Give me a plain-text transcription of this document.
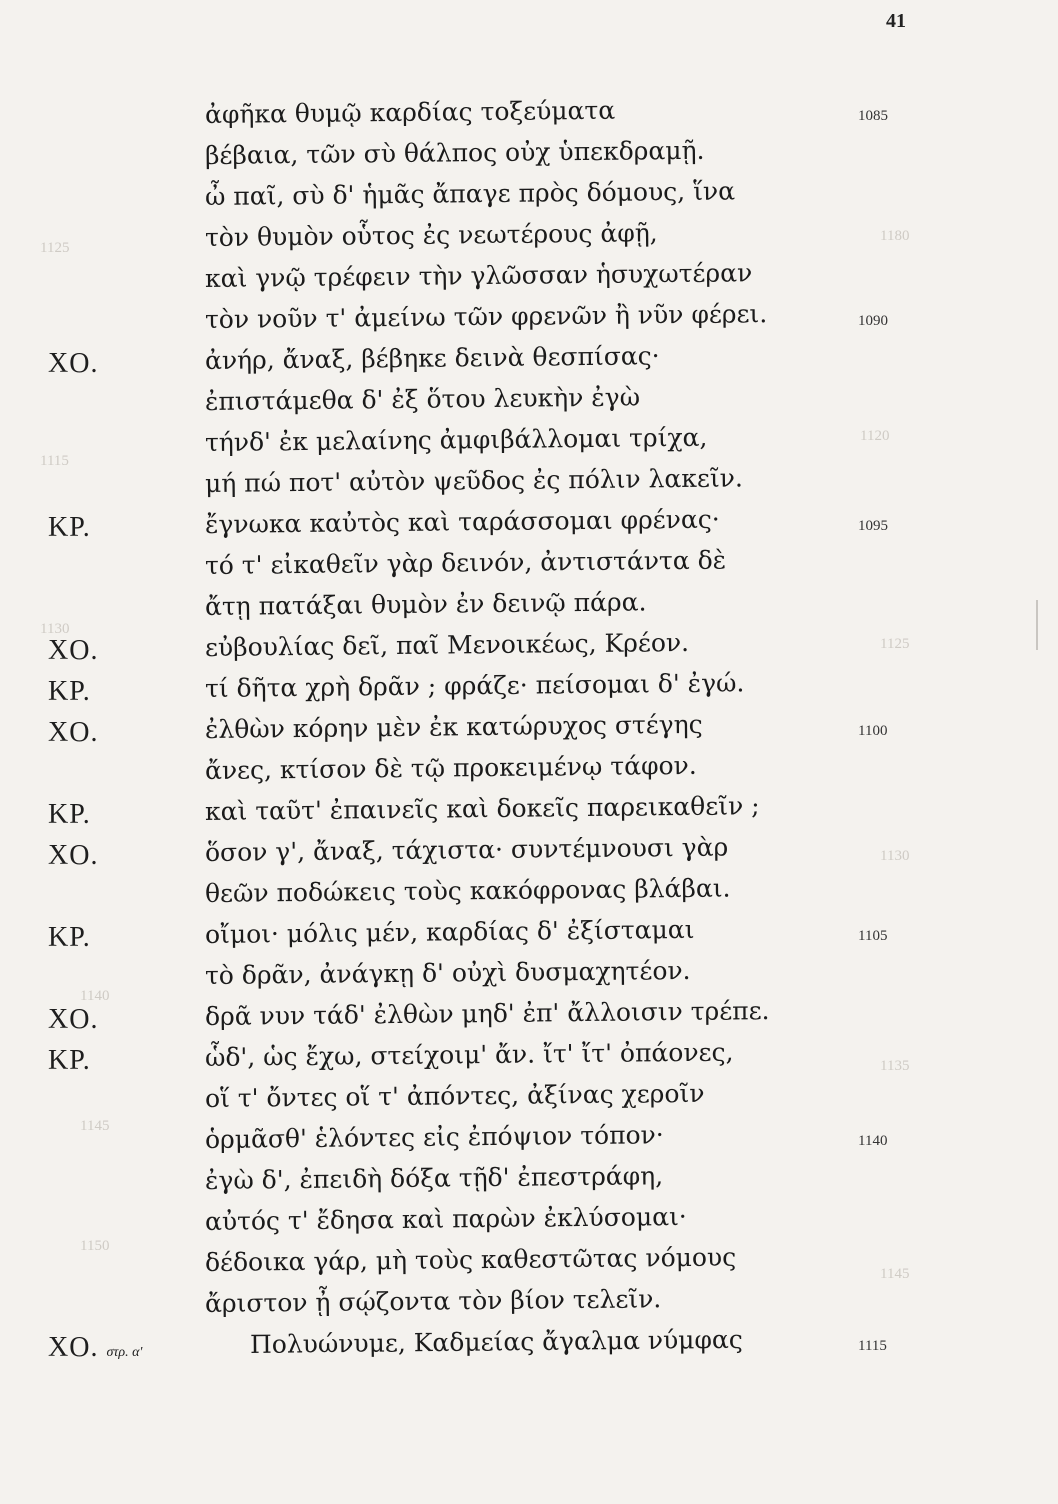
1180
1125
1120
1115
1130
1125
1130
1140
1135
1145
1150
1145
41
ἀφῆκα θυμῷ καρδίας τοξεύματα	1085
βέβαια, τῶν σὺ θάλπος οὐχ ὑπεκδραμῇ.
ὦ παῖ, σὺ δ' ἡμᾶς ἄπαγε πρὸς δόμους, ἵνα
τὸν θυμὸν οὗτος ἐς νεωτέρους ἀφῇ,
καὶ γνῷ τρέφειν τὴν γλῶσσαν ἡσυχωτέραν
τὸν νοῦν τ' ἀμείνω τῶν φρενῶν ἢ νῦν φέρει.	1090
ΧΟ.	ἀνήρ, ἄναξ, βέβηκε δεινὰ θεσπίσας·
ἐπιστάμεθα δ' ἐξ ὅτου λευκὴν ἐγὼ
τήνδ' ἐκ μελαίνης ἀμφιβάλλομαι τρίχα,
μή πώ ποτ' αὐτὸν ψεῦδος ἐς πόλιν λακεῖν.
ΚΡ.	ἔγνωκα καὐτὸς καὶ ταράσσομαι φρένας·	1095
τό τ' εἰκαθεῖν γὰρ δεινόν, ἀντιστάντα δὲ
ἄτῃ πατάξαι θυμὸν ἐν δεινῷ πάρα.
ΧΟ.	εὐβουλίας δεῖ, παῖ Μενοικέως, Κρέον.
ΚΡ.	τί δῆτα χρὴ δρᾶν ; φράζε· πείσομαι δ' ἐγώ.
ΧΟ.	ἐλθὼν κόρην μὲν ἐκ κατώρυχος στέγης	1100
ἄνες, κτίσον δὲ τῷ προκειμένῳ τάφον.
ΚΡ.	καὶ ταῦτ' ἐπαινεῖς καὶ δοκεῖς παρεικαθεῖν ;
ΧΟ.	ὅσον γ', ἄναξ, τάχιστα· συντέμνουσι γὰρ
θεῶν ποδώκεις τοὺς κακόφρονας βλάβαι.
ΚΡ.	οἴμοι· μόλις μέν, καρδίας δ' ἐξίσταμαι	1105
τὸ δρᾶν, ἀνάγκῃ δ' οὐχὶ δυσμαχητέον.
ΧΟ.	δρᾶ νυν τάδ' ἐλθὼν μηδ' ἐπ' ἄλλοισιν τρέπε.
ΚΡ.	ὧδ', ὡς ἔχω, στείχοιμ' ἄν. ἴτ' ἴτ' ὀπάονες,
οἵ τ' ὄντες οἵ τ' ἀπόντες, ἀξίνας χεροῖν
ὁρμᾶσθ' ἑλόντες εἰς ἐπόψιον τόπον·	1140
ἐγὼ δ', ἐπειδὴ δόξα τῇδ' ἐπεστράφη,
αὐτός τ' ἔδησα καὶ παρὼν ἐκλύσομαι·
δέδοικα γάρ, μὴ τοὺς καθεστῶτας νόμους
ἄριστον ᾖ σῴζοντα τὸν βίον τελεῖν.
ΧΟ. στρ. α'	Πολυώνυμε, Καδμείας ἄγαλμα νύμφας	1115
